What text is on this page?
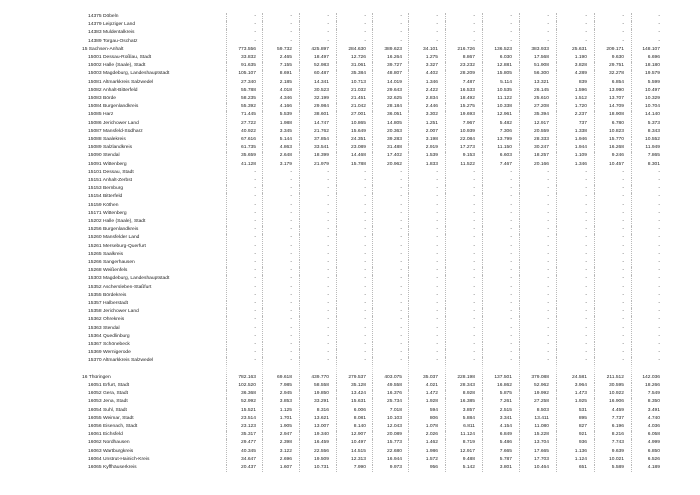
14375 Döbeln	-	-	-	-	-	-	-	-	-	-	-	-
14379 Leipziger Land	-	-	-	-	-	-	-	-	-	-	-	-
14383 Muldentalkreis	-	-	-	-	-	-	-	-	-	-	-	-
14389 Torgau-Oschatz	-	-	-	-	-	-	-	-	-	-	-	-
15 Sachsen-Anhalt	773.556	59.732	425.897	284.630	389.623	34.101	216.726	136.523	383.933	25.631	209.171	148.107
15001 Dessau-Roßlau, Stadt	33.832	2.465	18.497	12.726	16.264	1.275	8.867	6.030	17.568	1.190	9.630	6.696
15002 Halle (Saale), Stadt	91.635	7.155	52.983	31.061	39.727	3.327	23.232	12.881	51.908	3.828	29.751	18.180
15003 Magdeburg, Landeshauptstadt	105.107	8.691	60.487	35.384	48.807	4.402	28.209	15.805	56.300	4.289	32.278	19.579
15081 Altmarkkreis Salzwedel	27.340	2.185	14.341	10.713	14.019	1.346	7.487	5.114	13.321	839	6.854	5.599
15082 Anhalt-Bitterfeld	55.788	4.018	30.523	21.032	29.643	2.422	16.533	10.535	26.145	1.596	13.990	10.497
15083 Börde	58.235	4.346	32.199	21.451	32.625	2.834	18.492	11.122	25.610	1.512	13.707	10.329
15084 Burgenlandkreis	55.392	4.166	29.984	21.042	28.184	2.446	15.275	10.338	27.208	1.720	14.709	10.704
15085 Harz	71.445	5.539	38.601	27.001	36.051	3.302	19.693	12.961	35.394	2.237	18.908	14.140
15086 Jerichower Land	27.722	1.988	14.747	10.865	14.805	1.251	7.967	5.482	12.917	737	6.780	5.373
15087 Mansfeld-Südharz	40.922	3.345	21.762	15.649	20.363	2.007	10.939	7.306	20.559	1.338	10.823	8.343
15088 Saalekreis	67.616	5.144	37.854	24.351	39.283	3.198	22.084	13.799	28.333	1.946	15.770	10.552
15089 Salzlandkreis	61.735	4.863	33.541	23.089	31.488	2.919	17.273	11.150	30.247	1.944	16.268	11.949
15090 Stendal	35.659	2.648	18.399	14.468	17.402	1.539	9.153	6.603	18.257	1.109	9.246	7.865
15091 Wittenberg	41.128	3.179	21.979	15.788	20.962	1.833	11.522	7.467	20.166	1.346	10.457	8.301
15101 Dessau, Stadt	-	-	-	-	-	-	-	-	-	-	-	-
15151 Anhalt-Zerbst	-	-	-	-	-	-	-	-	-	-	-	-
15153 Bernburg	-	-	-	-	-	-	-	-	-	-	-	-
15154 Bitterfeld	-	-	-	-	-	-	-	-	-	-	-	-
15159 Köthen	-	-	-	-	-	-	-	-	-	-	-	-
15171 Wittenberg	-	-	-	-	-	-	-	-	-	-	-	-
15202 Halle (Saale), Stadt	-	-	-	-	-	-	-	-	-	-	-	-
15256 Burgenlandkreis	-	-	-	-	-	-	-	-	-	-	-	-
15260 Mansfelder Land	-	-	-	-	-	-	-	-	-	-	-	-
15261 Merseburg-Querfurt	-	-	-	-	-	-	-	-	-	-	-	-
15265 Saalkreis	-	-	-	-	-	-	-	-	-	-	-	-
15266 Sangerhausen	-	-	-	-	-	-	-	-	-	-	-	-
15268 Weißenfels	-	-	-	-	-	-	-	-	-	-	-	-
15303 Magdeburg, Landeshauptstadt	-	-	-	-	-	-	-	-	-	-	-	-
15352 Aschersleben-Staßfurt	-	-	-	-	-	-	-	-	-	-	-	-
15355 Bördekreis	-	-	-	-	-	-	-	-	-	-	-	-
15357 Halberstadt	-	-	-	-	-	-	-	-	-	-	-	-
15358 Jerichower Land	-	-	-	-	-	-	-	-	-	-	-	-
15362 Ohrekreis	-	-	-	-	-	-	-	-	-	-	-	-
15363 Stendal	-	-	-	-	-	-	-	-	-	-	-	-
15364 Quedlinburg	-	-	-	-	-	-	-	-	-	-	-	-
15367 Schönebeck	-	-	-	-	-	-	-	-	-	-	-	-
15369 Wernigerode	-	-	-	-	-	-	-	-	-	-	-	-
15370 Altmarkkreis Salzwedel	-	-	-	-	-	-	-	-	-	-	-	-
16 Thüringen	782.163	69.618	439.770	279.537	403.075	35.037	228.198	137.501	379.088	24.581	211.512	142.036
16051 Erfurt, Stadt	102.520	7.985	58.558	35.128	49.558	4.021	28.343	16.862	52.962	3.964	30.595	18.266
16052 Gera, Stadt	36.368	2.945	19.850	13.424	16.376	1.472	8.928	5.875	19.992	1.473	10.922	7.549
16053 Jena, Stadt	52.992	3.853	33.291	15.631	25.734	1.928	16.385	7.261	27.258	1.925	16.906	8.350
16054 Suhl, Stadt	15.521	1.125	8.316	6.006	7.018	594	3.857	2.515	8.503	531	4.459	3.491
16055 Weimar, Stadt	23.514	1.701	13.621	8.081	10.103	806	5.884	3.341	13.411	895	7.737	4.740
16056 Eisenach, Stadt	23.123	1.905	13.007	8.140	12.043	1.078	6.811	4.154	11.080	827	6.196	4.036
16061 Eichsfeld	35.317	2.947	19.340	12.907	20.089	2.026	11.124	6.849	15.228	921	8.216	6.058
16062 Nordhausen	29.477	2.398	16.459	10.497	15.773	1.462	8.719	5.486	13.704	936	7.743	4.999
16063 Wartburgkreis	40.345	3.122	22.556	14.515	22.680	1.986	12.917	7.665	17.665	1.136	9.639	6.850
16064 Unstrut-Hainich-Kreis	34.647	2.696	19.509	12.313	16.944	1.572	9.488	5.787	17.703	1.124	10.021	6.526
16065 Kyffhäuserkreis	20.437	1.607	10.731	7.990	9.973	956	5.142	3.801	10.464	651	5.589	4.189
